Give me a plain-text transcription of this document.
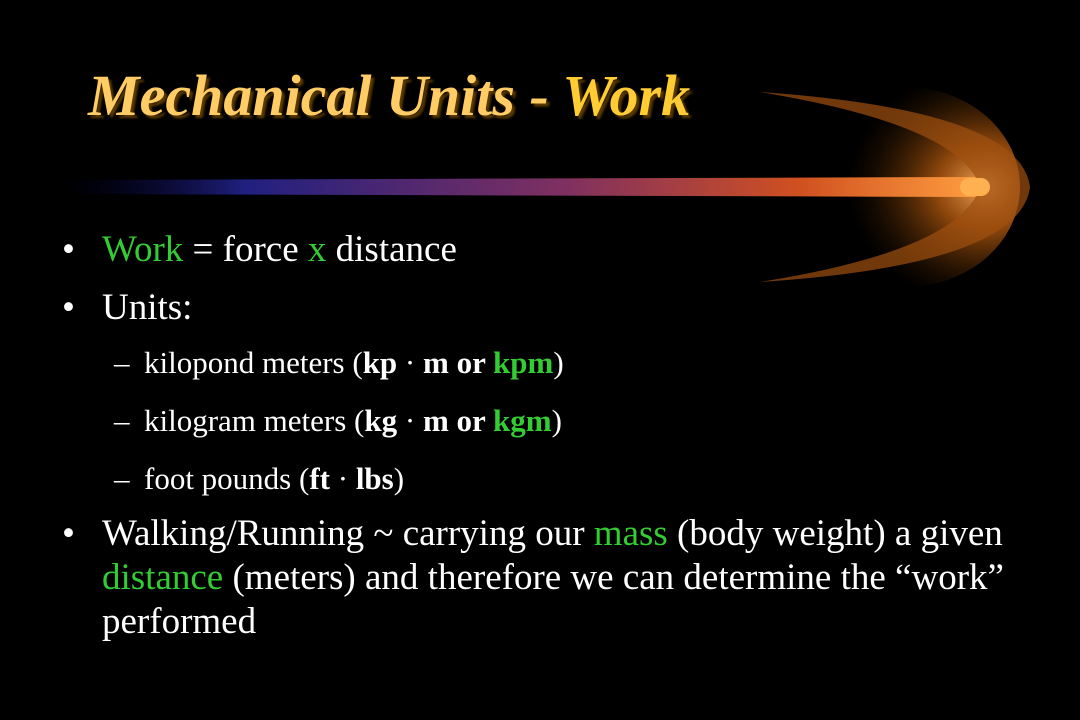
Mechanical Units - Work
• Work = force x distance
• Units:
– kilopond meters (kp · m or kpm)
– kilogram meters (kg · m or kgm)
– foot pounds (ft · lbs)
• Walking/Running ~ carrying our mass (body weight) a given distance (meters) and therefore we can determine the “work” performed
